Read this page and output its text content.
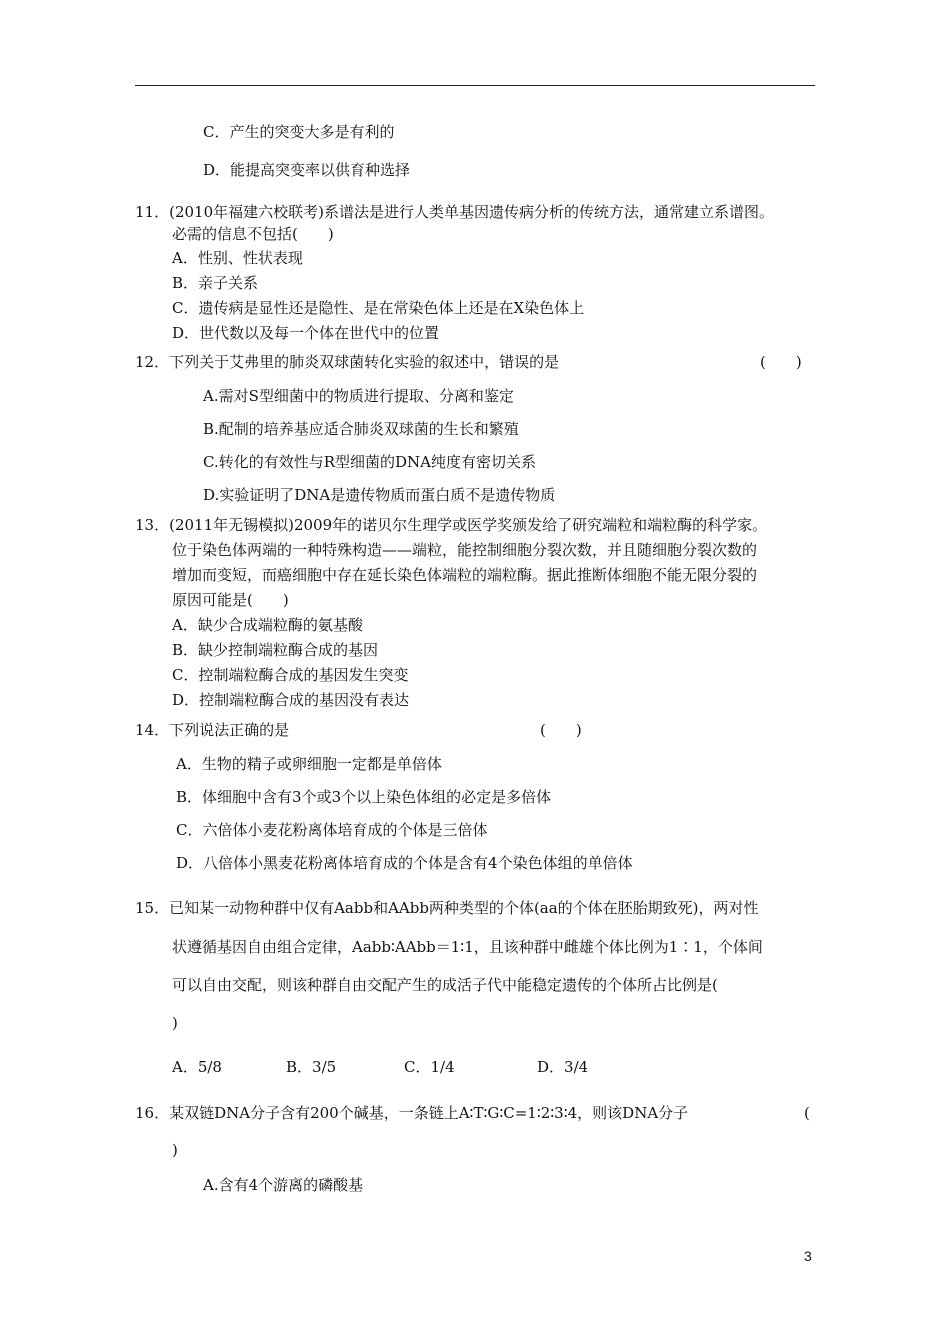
C．产生的突变大多是有利的
D．能提高突变率以供育种选择
11．(2010年福建六校联考)系谱法是进行人类单基因遗传病分析的传统方法，通常建立系谱图。
必需的信息不包括(　　)
A．性别、性状表现
B．亲子关系
C．遗传病是显性还是隐性、是在常染色体上还是在X染色体上
D．世代数以及每一个体在世代中的位置
12．下列关于艾弗里的肺炎双球菌转化实验的叙述中，错误的是	(　　)
A.需对S型细菌中的物质进行提取、分离和鉴定
B.配制的培养基应适合肺炎双球菌的生长和繁殖
C.转化的有效性与R型细菌的DNA纯度有密切关系
D.实验证明了DNA是遗传物质而蛋白质不是遗传物质
13．(2011年无锡模拟)2009年的诺贝尔生理学或医学奖颁发给了研究端粒和端粒酶的科学家。
位于染色体两端的一种特殊构造——端粒，能控制细胞分裂次数，并且随细胞分裂次数的
增加而变短，而癌细胞中存在延长染色体端粒的端粒酶。据此推断体细胞不能无限分裂的
原因可能是(　　)
A．缺少合成端粒酶的氨基酸
B．缺少控制端粒酶合成的基因
C．控制端粒酶合成的基因发生突变
D．控制端粒酶合成的基因没有表达
14．下列说法正确的是	(　　)
A．生物的精子或卵细胞一定都是单倍体
B．体细胞中含有3个或3个以上染色体组的必定是多倍体
C．六倍体小麦花粉离体培育成的个体是三倍体
D．八倍体小黑麦花粉离体培育成的个体是含有4个染色体组的单倍体
15．已知某一动物种群中仅有Aabb和AAbb两种类型的个体(aa的个体在胚胎期致死)，两对性
状遵循基因自由组合定律，Aabb∶AAbb＝1∶1，且该种群中雌雄个体比例为1∶1，个体间
可以自由交配，则该种群自由交配产生的成活子代中能稳定遗传的个体所占比例是(
)
A．5/8	B．3/5	C．1/4	D．3/4
16．某双链DNA分子含有200个碱基，一条链上A∶T∶G∶C=1∶2∶3∶4，则该DNA分子	(
)
A.含有4个游离的磷酸基
3
